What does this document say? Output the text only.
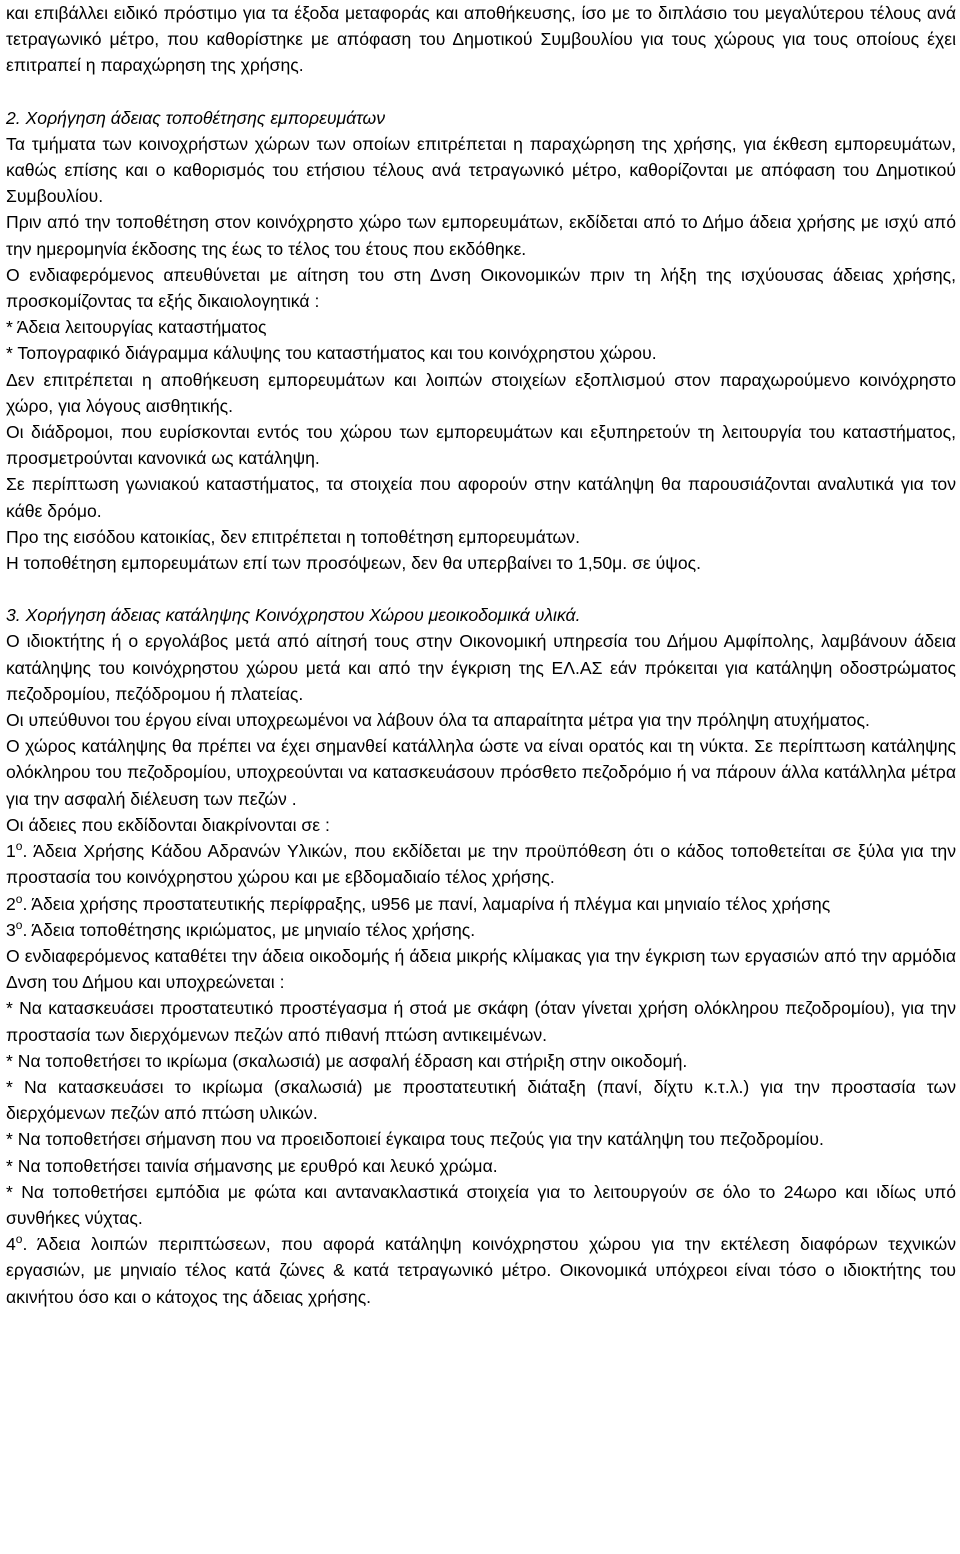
και επιβάλλει ειδικό πρόστιμο για τα έξοδα μεταφοράς και αποθήκευσης, ίσο με το διπλάσιο του μεγαλύτερου τέλους ανά τετραγωνικό μέτρο, που καθορίστηκε με απόφαση του Δημοτικού Συμβουλίου για τους χώρους για τους οποίους έχει επιτραπεί η παραχώρηση της χρήσης.

2. Χορήγηση άδειας τοποθέτησης εμπορευμάτων

Τα τμήματα των κοινοχρήστων χώρων των οποίων επιτρέπεται η παραχώρηση της χρήσης, για έκθεση εμπορευμάτων, καθώς επίσης και ο καθορισμός του ετήσιου τέλους ανά τετραγωνικό μέτρο, καθορίζονται με απόφαση του Δημοτικού Συμβουλίου.

Πριν από την τοποθέτηση στον κοινόχρηστο χώρο των εμπορευμάτων, εκδίδεται από το Δήμο άδεια χρήσης με ισχύ από την ημερομηνία έκδοσης της έως το τέλος του έτους που εκδόθηκε.

Ο ενδιαφερόμενος απευθύνεται με αίτηση του στη Δνση Οικονομικών πριν τη λήξη της ισχύουσας άδειας χρήσης, προσκομίζοντας τα εξής δικαιολογητικά :

* Άδεια λειτουργίας καταστήματος

* Τοπογραφικό διάγραμμα κάλυψης του καταστήματος και του κοινόχρηστου χώρου.

Δεν επιτρέπεται η αποθήκευση εμπορευμάτων και λοιπών στοιχείων εξοπλισμού στον παραχωρούμενο κοινόχρηστο χώρο, για λόγους αισθητικής.

Οι διάδρομοι, που ευρίσκονται εντός του χώρου των εμπορευμάτων και εξυπηρετούν τη λειτουργία του καταστήματος, προσμετρούνται κανονικά ως κατάληψη.

Σε περίπτωση γωνιακού καταστήματος, τα στοιχεία που αφορούν στην κατάληψη θα παρουσιάζονται αναλυτικά για τον κάθε δρόμο.

Προ της εισόδου κατοικίας, δεν επιτρέπεται η τοποθέτηση εμπορευμάτων.

Η τοποθέτηση εμπορευμάτων επί των προσόψεων, δεν θα υπερβαίνει το 1,50μ. σε ύψος.

3. Χορήγηση άδειας κατάληψης Κοινόχρηστου Χώρου μεοικοδομικά υλικά.

Ο ιδιοκτήτης ή ο εργολάβος μετά από αίτησή τους στην Οικονομική υπηρεσία του Δήμου Αμφίπολης, λαμβάνουν άδεια κατάληψης του κοινόχρηστου χώρου μετά και από την έγκριση της ΕΛ.ΑΣ εάν πρόκειται για κατάληψη οδοστρώματος πεζοδρομίου, πεζόδρομου ή πλατείας.

Οι υπεύθυνοι του έργου είναι υποχρεωμένοι να λάβουν όλα τα απαραίτητα μέτρα για την πρόληψη ατυχήματος.

Ο χώρος κατάληψης θα πρέπει να έχει σημανθεί κατάλληλα ώστε να είναι ορατός και τη νύκτα. Σε περίπτωση κατάληψης ολόκληρου του πεζοδρομίου, υποχρεούνται να κατασκευάσουν πρόσθετο πεζοδρόμιο ή να πάρουν άλλα κατάλληλα μέτρα για την ασφαλή διέλευση των πεζών .

Οι άδειες που εκδίδονται διακρίνονται σε :

$1^o$. Άδεια Χρήσης Κάδου Αδρανών Υλικών, που εκδίδεται με την προϋπόθεση ότι ο κάδος τοποθετείται σε ξύλα για την προστασία του κοινόχρηστου χώρου και με εβδομαδιαίο τέλος χρήσης.

$2^o$. Άδεια χρήσης προστατευτικής περίφραξης, u956 με πανί, λαμαρίνα ή πλέγμα και μηνιαίο τέλος χρήσης

$3^o$. Άδεια τοποθέτησης ικριώματος, με μηνιαίο τέλος χρήσης.

Ο ενδιαφερόμενος καταθέτει την άδεια οικοδομής ή άδεια μικρής κλίμακας για την έγκριση των εργασιών από την αρμόδια Δνση του Δήμου και υποχρεώνεται :

* Να κατασκευάσει προστατευτικό προστέγασμα ή στοά με σκάφη (όταν γίνεται χρήση ολόκληρου πεζοδρομίου), για την προστασία των διερχόμενων πεζών από πιθανή πτώση αντικειμένων.

* Να τοποθετήσει το ικρίωμα (σκαλωσιά) με ασφαλή έδραση και στήριξη στην οικοδομή.

* Να κατασκευάσει το ικρίωμα (σκαλωσιά) με προστατευτική διάταξη (πανί, δίχτυ κ.τ.λ.) για την προστασία των διερχόμενων πεζών από πτώση υλικών.

* Να τοποθετήσει σήμανση που να προειδοποιεί έγκαιρα τους πεζούς για την κατάληψη του πεζοδρομίου.

* Να τοποθετήσει ταινία σήμανσης με ερυθρό και λευκό χρώμα.

* Να τοποθετήσει εμπόδια με φώτα και αντανακλαστικά στοιχεία για το λειτουργούν σε όλο το 24ωρο και ιδίως υπό συνθήκες νύχτας.

$4^o$. Άδεια λοιπών περιπτώσεων, που αφορά κατάληψη κοινόχρηστου χώρου για την εκτέλεση διαφόρων τεχνικών εργασιών, με μηνιαίο τέλος κατά ζώνες & κατά τετραγωνικό μέτρο. Οικονομικά υπόχρεοι είναι τόσο ο ιδιοκτήτης του ακινήτου όσο και ο κάτοχος της άδειας χρήσης.
